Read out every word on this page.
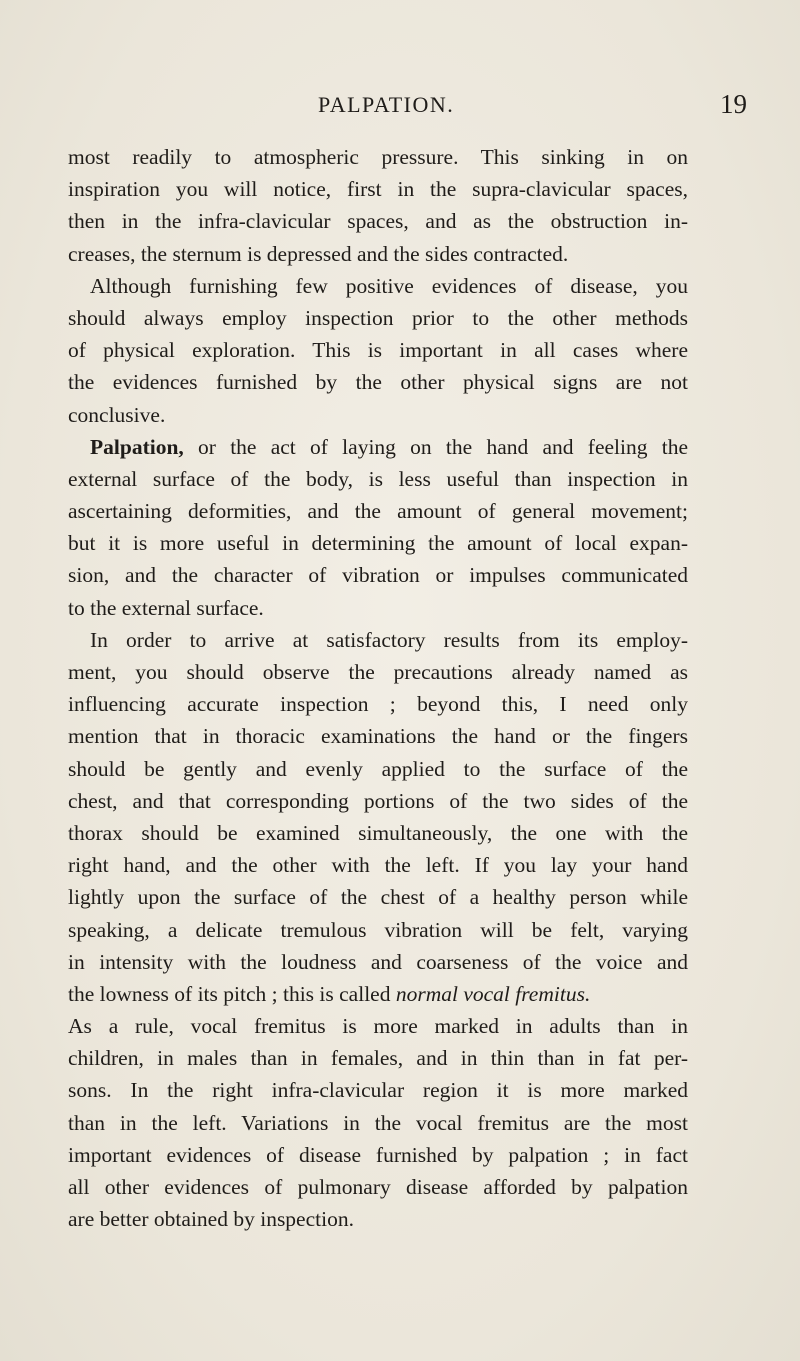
PALPATION.	19
most readily to atmospheric pressure. This sinking in on
inspiration you will notice, first in the supra-clavicular spaces,
then in the infra-clavicular spaces, and as the obstruction in-
creases, the sternum is depressed and the sides contracted.
Although furnishing few positive evidences of disease, you
should always employ inspection prior to the other methods
of physical exploration. This is important in all cases where
the evidences furnished by the other physical signs are not
conclusive.
Palpation, or the act of laying on the hand and feeling the
external surface of the body, is less useful than inspection in
ascertaining deformities, and the amount of general movement;
but it is more useful in determining the amount of local expan-
sion, and the character of vibration or impulses communicated
to the external surface.
In order to arrive at satisfactory results from its employ-
ment, you should observe the precautions already named as
influencing accurate inspection ; beyond this, I need only
mention that in thoracic examinations the hand or the fingers
should be gently and evenly applied to the surface of the
chest, and that corresponding portions of the two sides of the
thorax should be examined simultaneously, the one with the
right hand, and the other with the left. If you lay your hand
lightly upon the surface of the chest of a healthy person while
speaking, a delicate tremulous vibration will be felt, varying
in intensity with the loudness and coarseness of the voice and
the lowness of its pitch ; this is called normal vocal fremitus.
As a rule, vocal fremitus is more marked in adults than in
children, in males than in females, and in thin than in fat per-
sons. In the right infra-clavicular region it is more marked
than in the left. Variations in the vocal fremitus are the most
important evidences of disease furnished by palpation ; in fact
all other evidences of pulmonary disease afforded by palpation
are better obtained by inspection.
